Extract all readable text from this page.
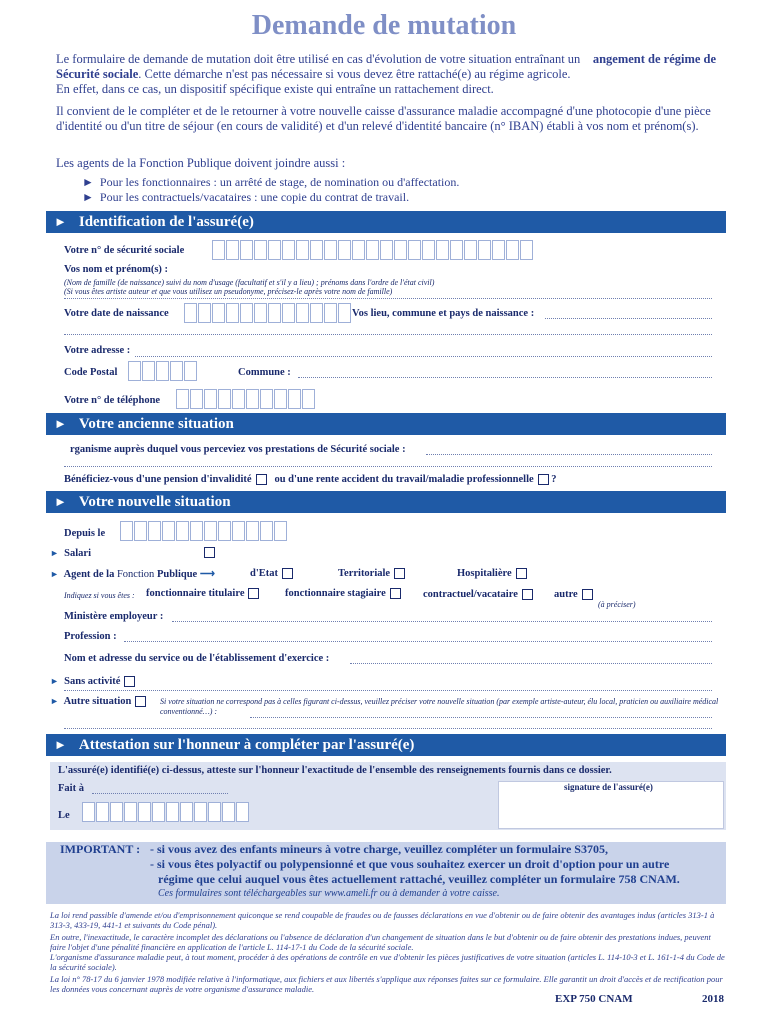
Demande de mutation
Le formulaire de demande de mutation doit être utilisé en cas d'évolution de votre situation entraînant un angement de régime de Sécurité sociale. Cette démarche n'est pas nécessaire si vous devez être rattaché(e) au régime agricole.
En effet, dans ce cas, un dispositif spécifique existe qui entraîne un rattachement direct.
Il convient de le compléter et de le retourner à votre nouvelle caisse d'assurance maladie accompagné d'une photocopie d'une pièce d'identité ou d'un titre de séjour (en cours de validité) et d'un relevé d'identité bancaire (n° IBAN) établi à vos nom et prénom(s).
Les agents de la Fonction Publique doivent joindre aussi :
► Pour les fonctionnaires : un arrêté de stage, de nomination ou d'affectation.
► Pour les contractuels/vacataires : une copie du contrat de travail.
► Identification de l'assuré(e)
Votre n° de sécurité sociale
Vos nom et prénom(s) :
(Nom de famille (de naissance) suivi du nom d'usage (facultatif et s'il y a lieu) ; prénoms dans l'ordre de l'état civil)
(Si vous êtes artiste auteur et que vous utilisez un pseudonyme, précisez-le après votre nom de famille)
Votre date de naissance	Vos lieu, commune et pays de naissance :
Votre adresse :
Code Postal	Commune :
Votre n° de téléphone
► Votre ancienne situation
rganisme auprès duquel vous perceviez vos prestations de Sécurité sociale :
Bénéficiez-vous d'une pension d'invalidité ou d'une rente accident du travail/maladie professionnelle ?
► Votre nouvelle situation
Depuis le
► Salari
► Agent de la Fonction Publique ⟶	d'Etat	Territoriale	Hospitalière
Indiquez si vous êtes : fonctionnaire titulaire	fonctionnaire stagiaire	contractuel/vacataire	autre
(à préciser)
Ministère employeur :
Profession :
Nom et adresse du service ou de l'établissement d'exercice :
► Sans activité
► Autre situation	Si votre situation ne correspond pas à celles figurant ci-dessus, veuillez préciser votre nouvelle situation (par exemple artiste-auteur, élu local, praticien ou auxiliaire médical conventionné…) :
► Attestation sur l'honneur à compléter par l'assuré(e)
L'assuré(e) identifié(e) ci-dessus, atteste sur l'honneur l'exactitude de l'ensemble des renseignements fournis dans ce dossier.
Fait à
Le
signature de l'assuré(e)
IMPORTANT : - si vous avez des enfants mineurs à votre charge, veuillez compléter un formulaire S3705,
- si vous êtes polyactif ou polypensionné et que vous souhaitez exercer un droit d'option pour un autre
régime que celui auquel vous êtes actuellement rattaché, veuillez compléter un formulaire 758 CNAM.
Ces formulaires sont téléchargeables sur www.ameli.fr ou à demander à votre caisse.
La loi rend passible d'amende et/ou d'emprisonnement quiconque se rend coupable de fraudes ou de fausses déclarations en vue d'obtenir ou de faire obtenir des avantages indus (articles 313-1 à 313-3, 433-19, 441-1 et suivants du Code pénal).
En outre, l'inexactitude, le caractère incomplet des déclarations ou l'absence de déclaration d'un changement de situation dans le but d'obtenir ou de faire obtenir des prestations indues, peuvent faire l'objet d'une pénalité financière en application de l'article L. 114-17-1 du Code de la sécurité sociale.
L'organisme d'assurance maladie peut, à tout moment, procéder à des opérations de contrôle en vue d'obtenir les pièces justificatives de votre situation (articles L. 114-10-3 et L. 161-1-4 du Code de la sécurité sociale).
La loi n° 78-17 du 6 janvier 1978 modifiée relative à l'informatique, aux fichiers et aux libertés s'applique aux réponses faites sur ce formulaire. Elle garantit un droit d'accès et de rectification pour les données vous concernant auprès de votre organisme d'assurance maladie.
EXP 750 CNAM	2018
